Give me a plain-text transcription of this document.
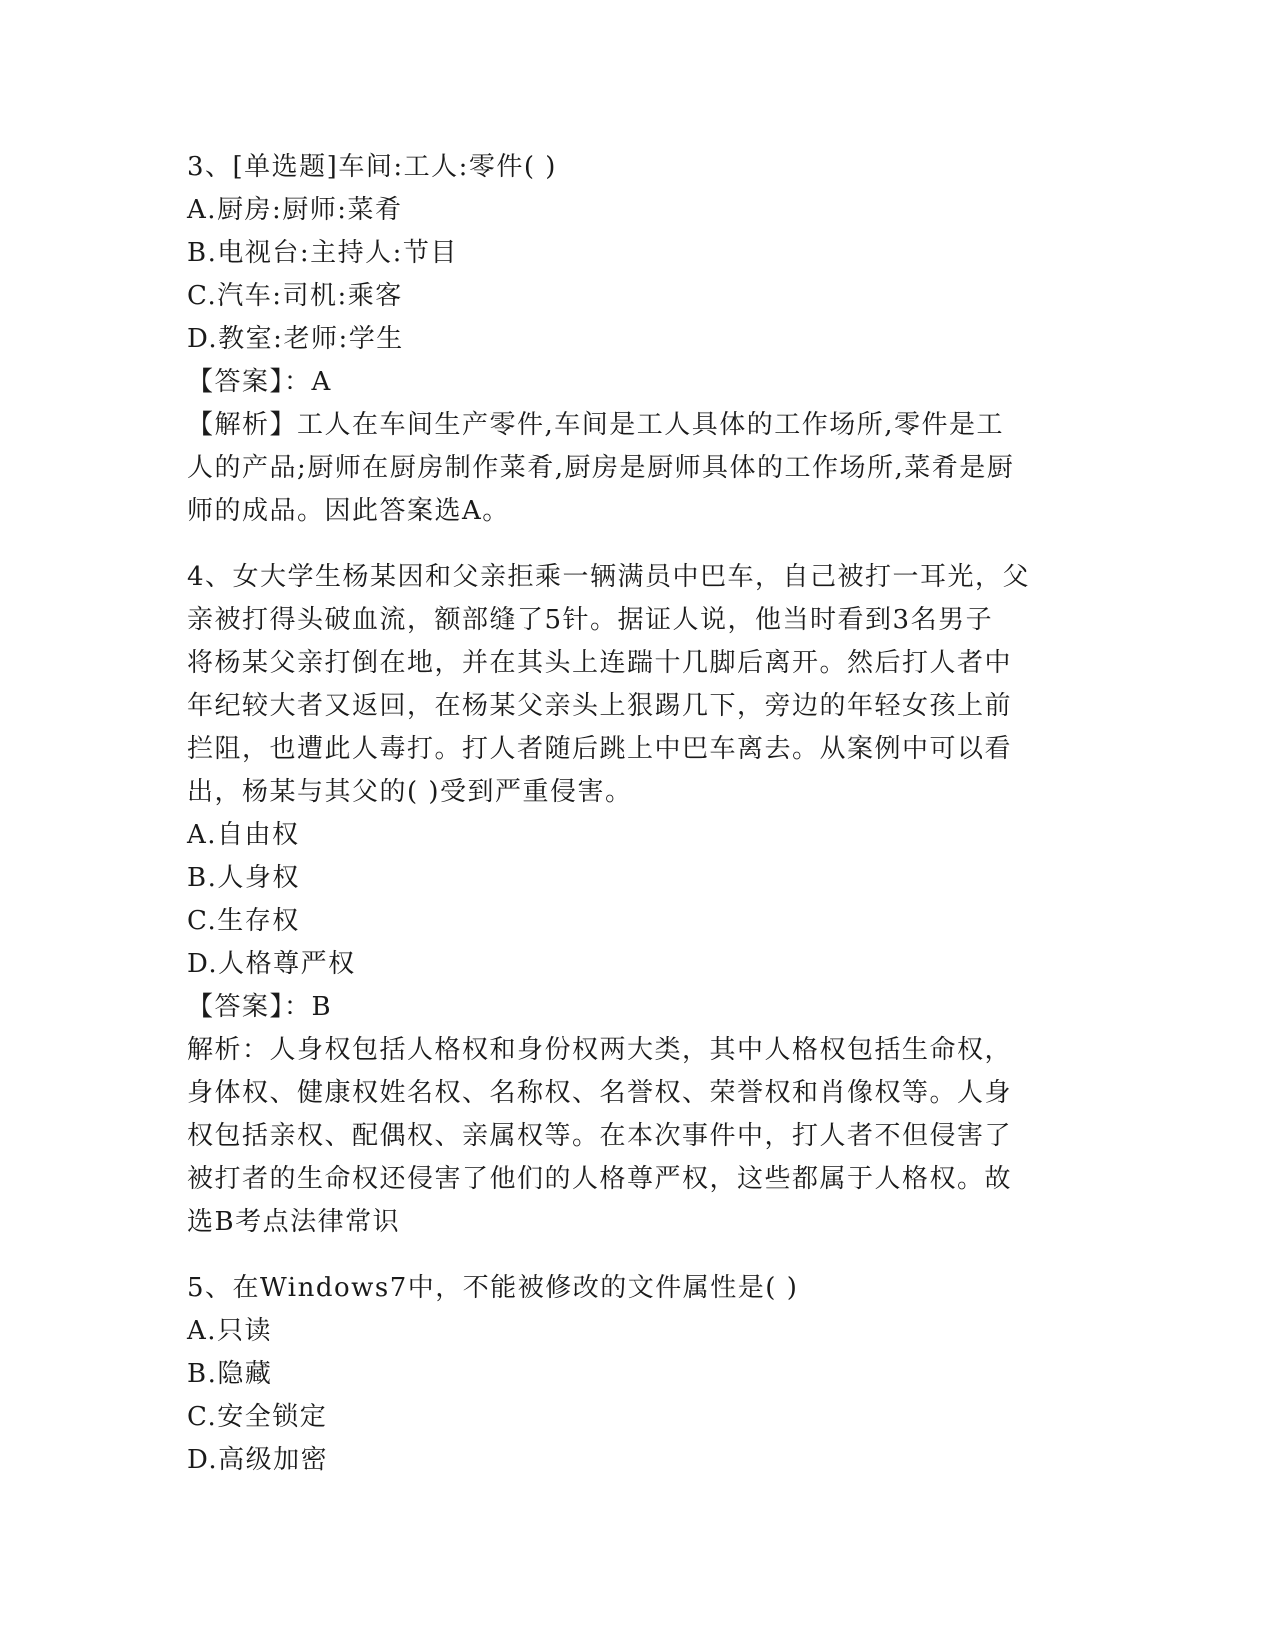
3、[单选题]车间:工人:零件( )
A.厨房:厨师:菜肴
B.电视台:主持人:节目
C.汽车:司机:乘客
D.教室:老师:学生
【答案】：A
【解析】工人在车间生产零件,车间是工人具体的工作场所,零件是工
人的产品;厨师在厨房制作菜肴,厨房是厨师具体的工作场所,菜肴是厨
师的成品。因此答案选A。
4、女大学生杨某因和父亲拒乘一辆满员中巴车，自己被打一耳光，父
亲被打得头破血流，额部缝了5针。据证人说，他当时看到3名男子
将杨某父亲打倒在地，并在其头上连踹十几脚后离开。然后打人者中
年纪较大者又返回，在杨某父亲头上狠踢几下，旁边的年轻女孩上前
拦阻，也遭此人毒打。打人者随后跳上中巴车离去。从案例中可以看
出，杨某与其父的( )受到严重侵害。
A.自由权
B.人身权
C.生存权
D.人格尊严权
【答案】：B
解析：人身权包括人格权和身份权两大类，其中人格权包括生命权，
身体权、健康权姓名权、名称权、名誉权、荣誉权和肖像权等。人身
权包括亲权、配偶权、亲属权等。在本次事件中，打人者不但侵害了
被打者的生命权还侵害了他们的人格尊严权，这些都属于人格权。故
选B考点法律常识
5、在Windows7中，不能被修改的文件属性是( )
A.只读
B.隐藏
C.安全锁定
D.高级加密
